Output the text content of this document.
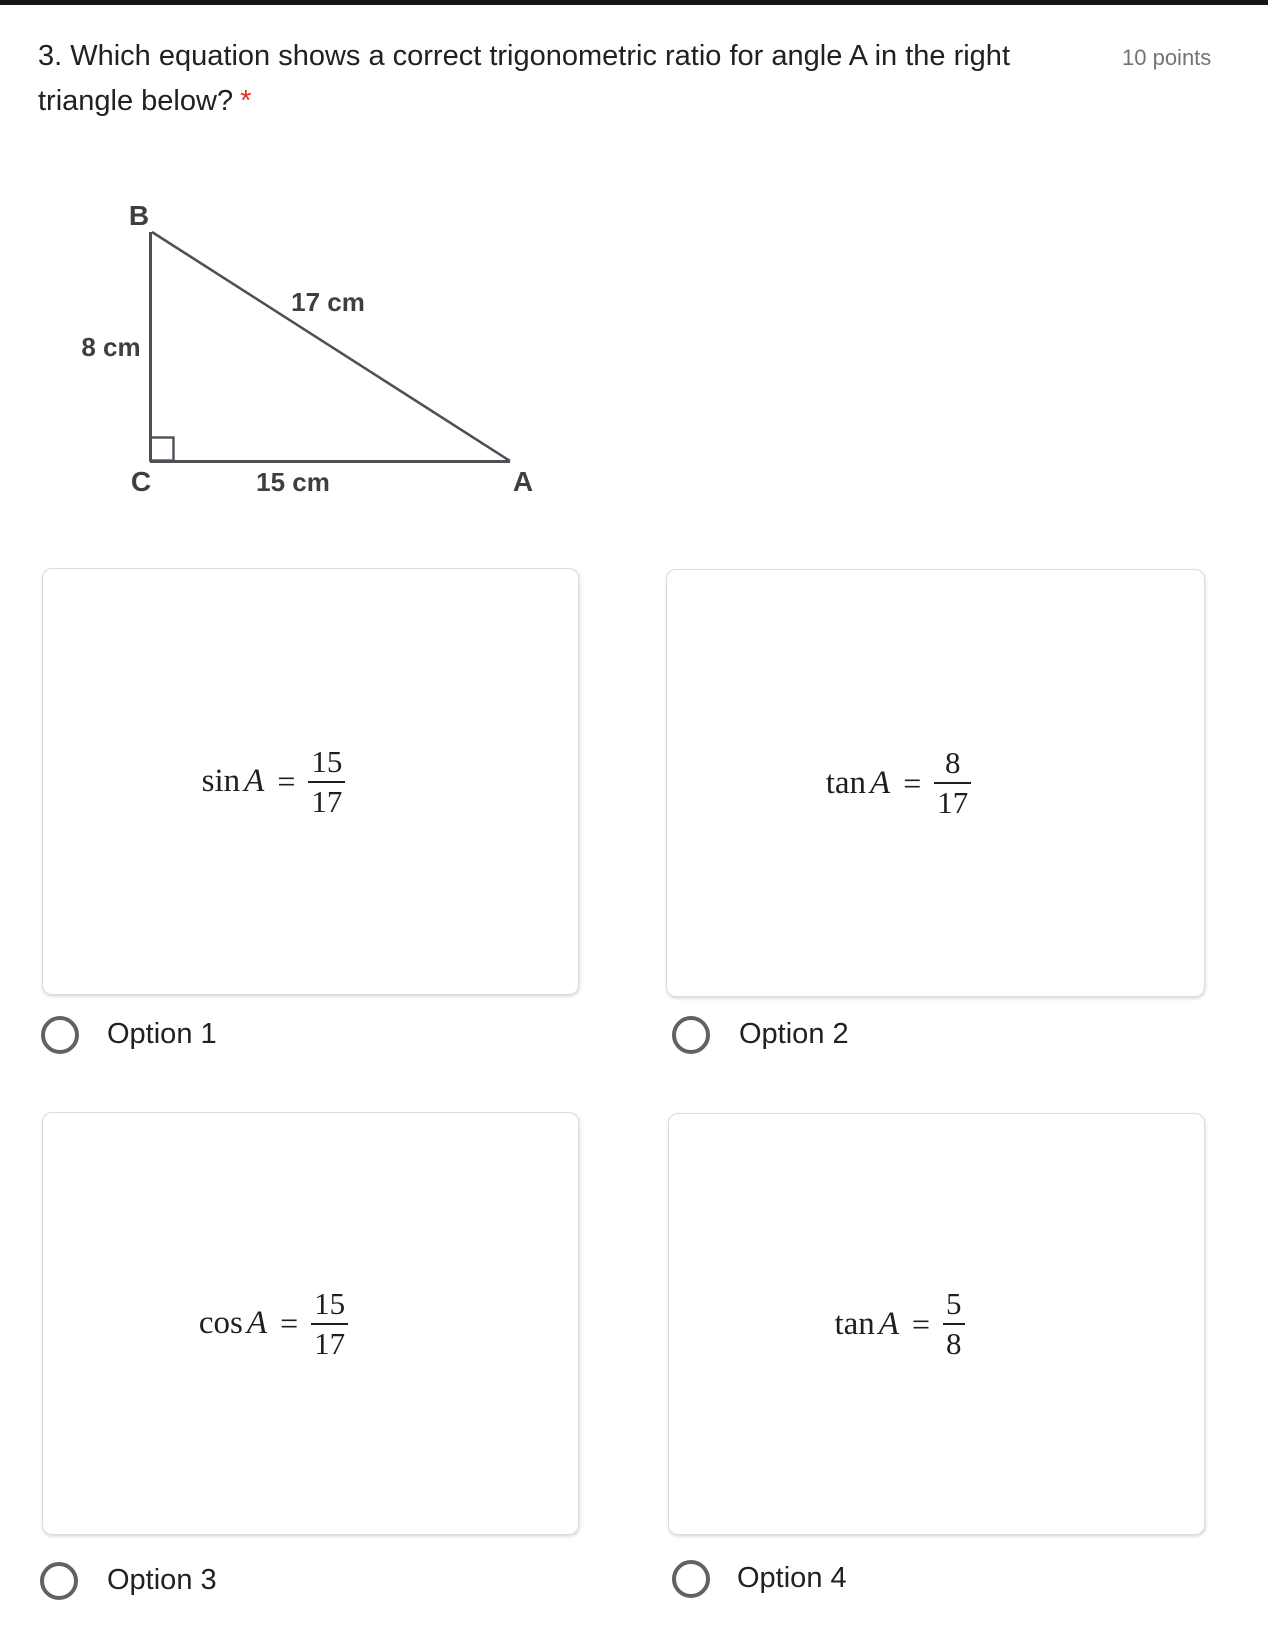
3. Which equation shows a correct trigonometric ratio for angle A in the right triangle below? *
10 points
B
C	A
17 cm
8 cm
15 cm
$\sin A = \frac{15}{17}$	$\tan A = \frac{8}{17}$
$\cos A = \frac{15}{17}$	$\tan A = \frac{5}{8}$
Option 1	Option 2
Option 3	Option 4
